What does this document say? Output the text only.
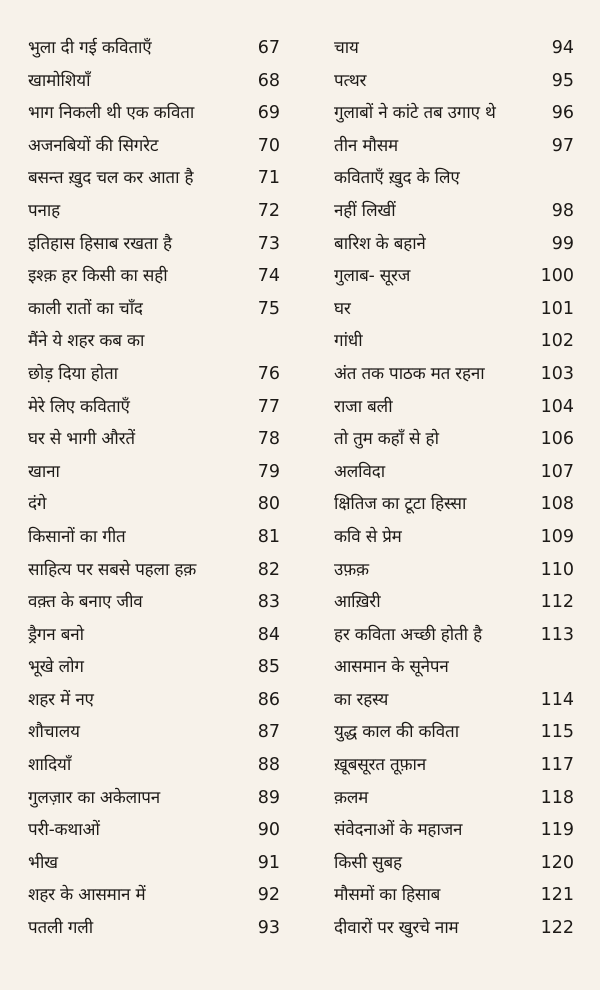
भुला दी गई कविताएँ	67
खामोशियाँ	68
भाग निकली थी एक कविता	69
अजनबियों की सिगरेट	70
बसन्त ख़ुद चल कर आता है	71
पनाह	72
इतिहास हिसाब रखता है	73
इश्क़ हर किसी का सही	74
काली रातों का चाँद	75
मैंने ये शहर कब का
छोड़ दिया होता	76
मेरे लिए कविताएँ	77
घर से भागी औरतें	78
खाना	79
दंगे	80
किसानों का गीत	81
साहित्य पर सबसे पहला हक़	82
वक़्त के बनाए जीव	83
ड्रैगन बनो	84
भूखे लोग	85
शहर में नए	86
शौचालय	87
शादियाँ	88
गुलज़ार का अकेलापन	89
परी-कथाओं	90
भीख	91
शहर के आसमान में	92
पतली गली	93
चाय	94
पत्थर	95
गुलाबों ने कांटे तब उगाए थे	96
तीन मौसम	97
कविताएँ ख़ुद के लिए
नहीं लिखीं	98
बारिश के बहाने	99
गुलाब- सूरज	100
घर	101
गांधी	102
अंत तक पाठक मत रहना	103
राजा बली	104
तो तुम कहाँ से हो	106
अलविदा	107
क्षितिज का टूटा हिस्सा	108
कवि से प्रेम	109
उफ़क़	110
आख़िरी	112
हर कविता अच्छी होती है	113
आसमान के सूनेपन
का रहस्य	114
युद्ध काल की कविता	115
ख़ूबसूरत तूफ़ान	117
क़लम	118
संवेदनाओं के महाजन	119
किसी सुबह	120
मौसमों का हिसाब	121
दीवारों पर खुरचे नाम	122
